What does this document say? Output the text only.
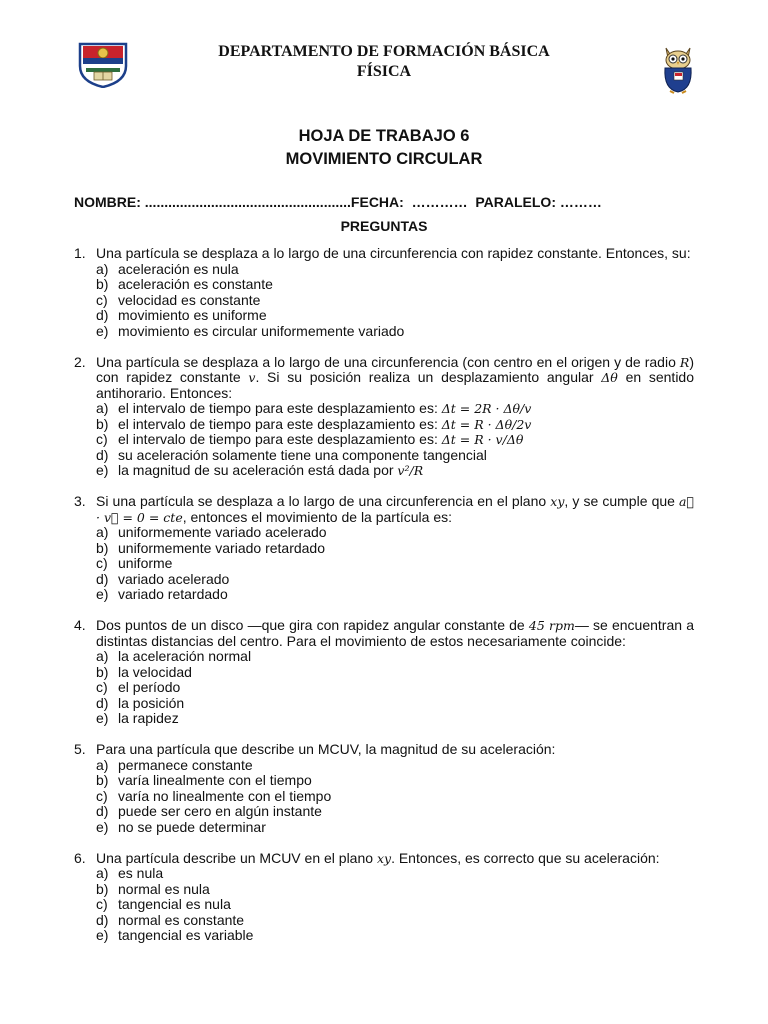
DEPARTAMENTO DE FORMACIÓN BÁSICA
FÍSICA
HOJA DE TRABAJO 6
MOVIMIENTO CIRCULAR
NOMBRE: .....................................................FECHA:  …………  PARALELO: ………
PREGUNTAS
1. Una partícula se desplaza a lo largo de una circunferencia con rapidez constante. Entonces, su:
a) aceleración es nula
b) aceleración es constante
c) velocidad es constante
d) movimiento es uniforme
e) movimiento es circular uniformemente variado
2. Una partícula se desplaza a lo largo de una circunferencia (con centro en el origen y de radio R) con rapidez constante v. Si su posición realiza un desplazamiento angular Δθ en sentido antihorario. Entonces:
a) el intervalo de tiempo para este desplazamiento es: Δt = 2R · Δθ/v
b) el intervalo de tiempo para este desplazamiento es: Δt = R · Δθ/2v
c) el intervalo de tiempo para este desplazamiento es: Δt = R · v/Δθ
d) su aceleración solamente tiene una componente tangencial
e) la magnitud de su aceleración está dada por v²/R
3. Si una partícula se desplaza a lo largo de una circunferencia en el plano xy, y se cumple que a⃗ · v⃗ = 0 = cte, entonces el movimiento de la partícula es:
a) uniformemente variado acelerado
b) uniformemente variado retardado
c) uniforme
d) variado acelerado
e) variado retardado
4. Dos puntos de un disco —que gira con rapidez angular constante de 45 rpm— se encuentran a distintas distancias del centro. Para el movimiento de estos necesariamente coincide:
a) la aceleración normal
b) la velocidad
c) el período
d) la posición
e) la rapidez
5. Para una partícula que describe un MCUV, la magnitud de su aceleración:
a) permanece constante
b) varía linealmente con el tiempo
c) varía no linealmente con el tiempo
d) puede ser cero en algún instante
e) no se puede determinar
6. Una partícula describe un MCUV en el plano xy. Entonces, es correcto que su aceleración:
a) es nula
b) normal es nula
c) tangencial es nula
d) normal es constante
e) tangencial es variable
